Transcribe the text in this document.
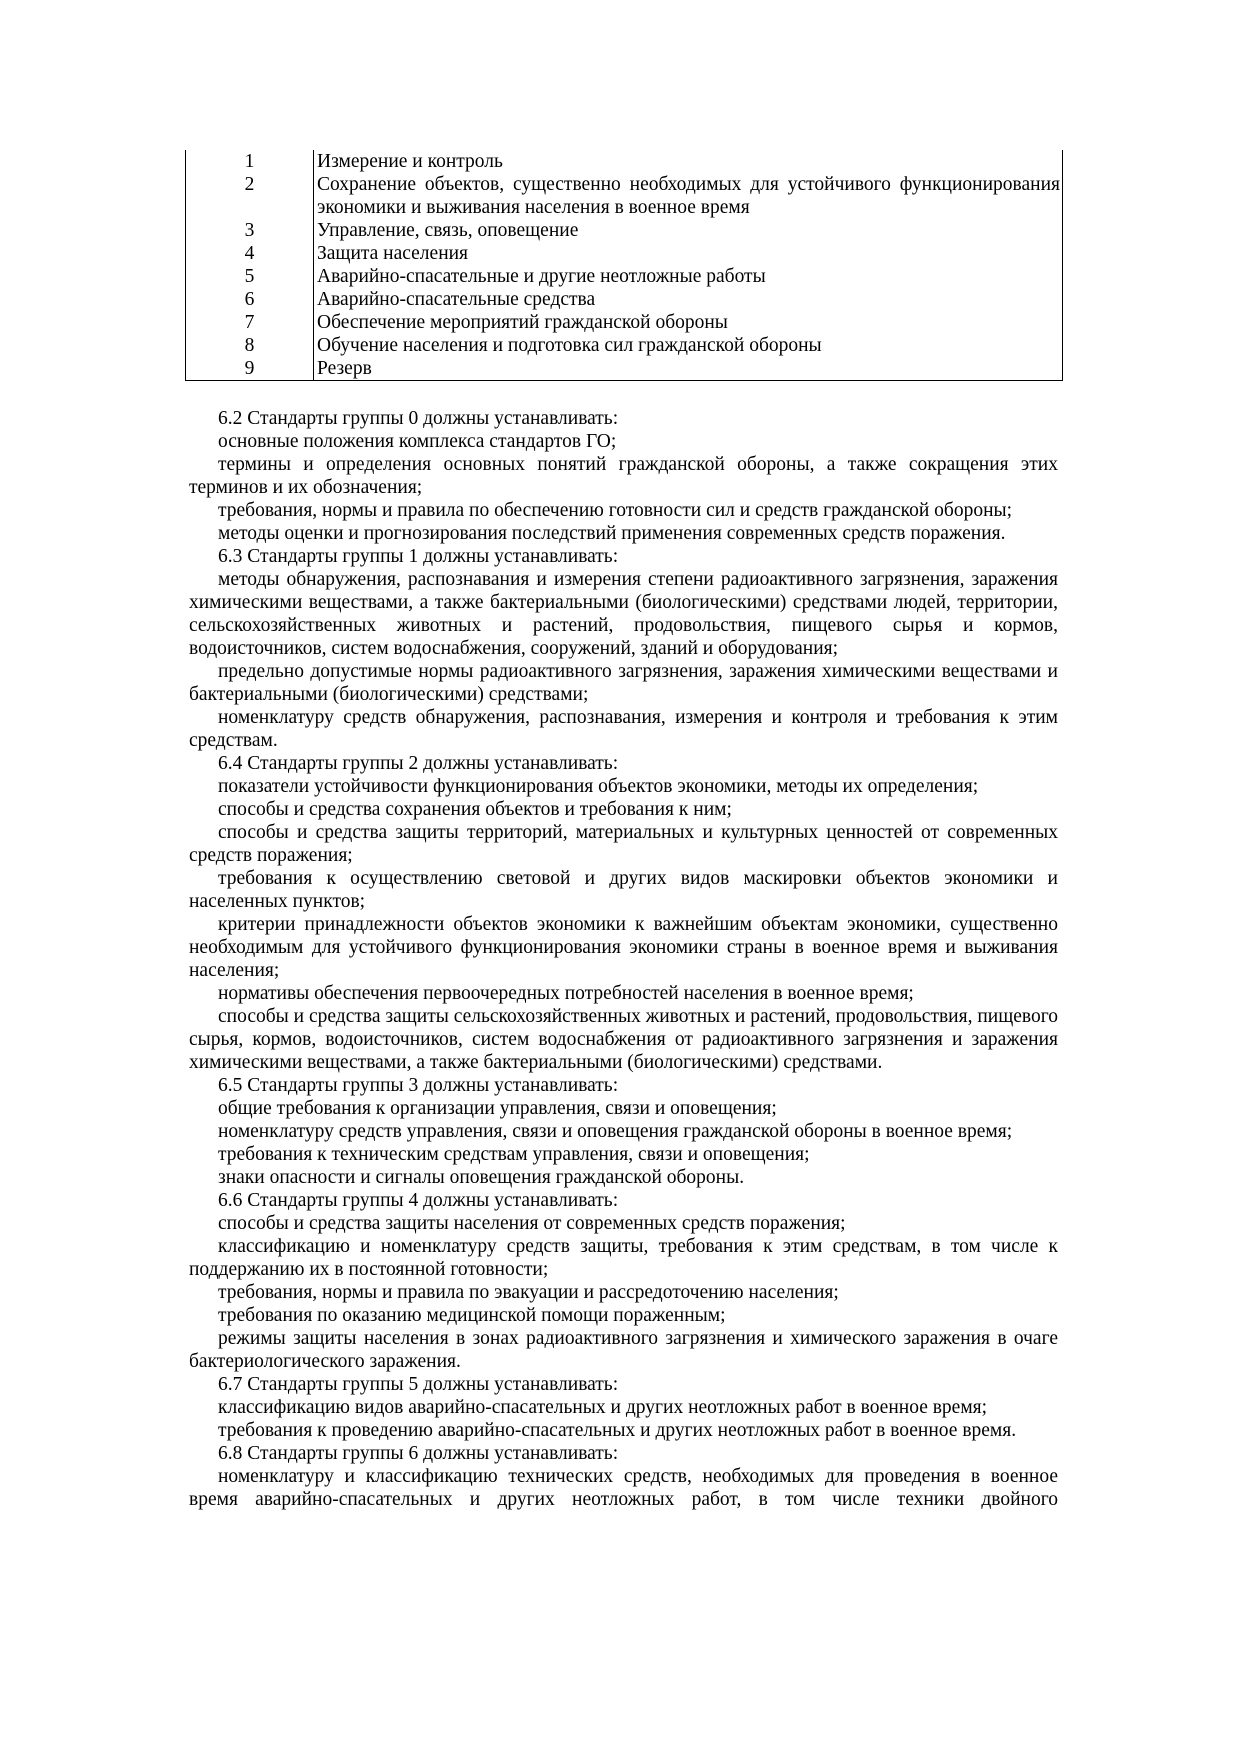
1	Измерение и контроль
2	Сохранение объектов, существенно необходимых для устойчивого функционирования экономики и выживания населения в военное время
3	Управление, связь, оповещение
4	Защита населения
5	Аварийно-спасательные и другие неотложные работы
6	Аварийно-спасательные средства
7	Обеспечение мероприятий гражданской обороны
8	Обучение населения и подготовка сил гражданской обороны
9	Резерв

6.2 Стандарты группы 0 должны устанавливать:

основные положения комплекса стандартов ГО;

термины и определения основных понятий гражданской обороны, а также сокращения этих терминов и их обозначения;

требования, нормы и правила по обеспечению готовности сил и средств гражданской обороны;

методы оценки и прогнозирования последствий применения современных средств поражения.

6.3 Стандарты группы 1 должны устанавливать:

методы обнаружения, распознавания и измерения степени радиоактивного загрязнения, заражения химическими веществами, а также бактериальными (биологическими) средствами людей, территории, сельскохозяйственных животных и растений, продовольствия, пищевого сырья и кормов, водоисточников, систем водоснабжения, сооружений, зданий и оборудования;

предельно допустимые нормы радиоактивного загрязнения, заражения химическими веществами и бактериальными (биологическими) средствами;

номенклатуру средств обнаружения, распознавания, измерения и контроля и требования к этим средствам.

6.4 Стандарты группы 2 должны устанавливать:

показатели устойчивости функционирования объектов экономики, методы их определения;

способы и средства сохранения объектов и требования к ним;

способы и средства защиты территорий, материальных и культурных ценностей от современных средств поражения;

требования к осуществлению световой и других видов маскировки объектов экономики и населенных пунктов;

критерии принадлежности объектов экономики к важнейшим объектам экономики, существенно необходимым для устойчивого функционирования экономики страны в военное время и выживания населения;

нормативы обеспечения первоочередных потребностей населения в военное время;

способы и средства защиты сельскохозяйственных животных и растений, продовольствия, пищевого сырья, кормов, водоисточников, систем водоснабжения от радиоактивного загрязнения и заражения химическими веществами, а также бактериальными (биологическими) средствами.

6.5 Стандарты группы 3 должны устанавливать:

общие требования к организации управления, связи и оповещения;

номенклатуру средств управления, связи и оповещения гражданской обороны в военное время;

требования к техническим средствам управления, связи и оповещения;

знаки опасности и сигналы оповещения гражданской обороны.

6.6 Стандарты группы 4 должны устанавливать:

способы и средства защиты населения от современных средств поражения;

классификацию и номенклатуру средств защиты, требования к этим средствам, в том числе к поддержанию их в постоянной готовности;

требования, нормы и правила по эвакуации и рассредоточению населения;

требования по оказанию медицинской помощи пораженным;

режимы защиты населения в зонах радиоактивного загрязнения и химического заражения в очаге бактериологического заражения.

6.7 Стандарты группы 5 должны устанавливать:

классификацию видов аварийно-спасательных и других неотложных работ в военное время;

требования к проведению аварийно-спасательных и других неотложных работ в военное время.

6.8 Стандарты группы 6 должны устанавливать:

номенклатуру и классификацию технических средств, необходимых для проведения в военное время аварийно-спасательных и других неотложных работ, в том числе техники двойного
